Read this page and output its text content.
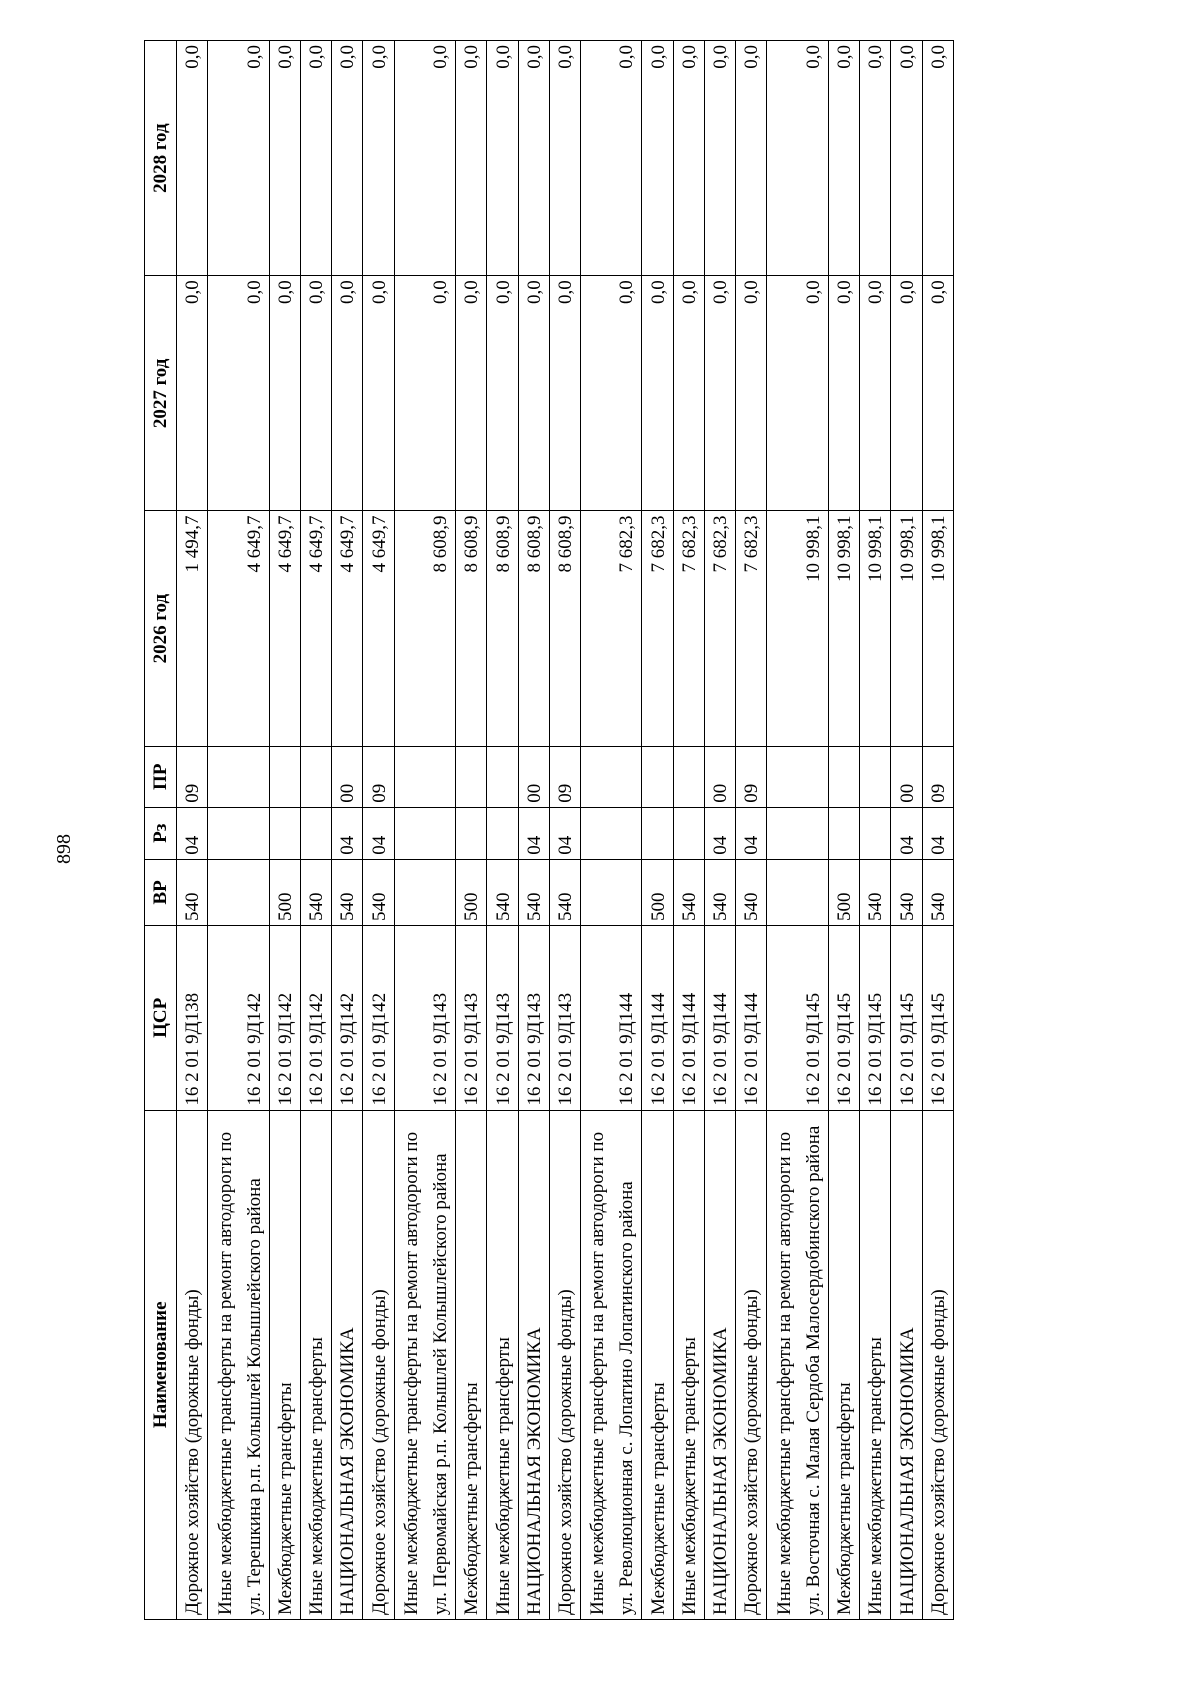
898
Наименование	ЦСР	ВР	Рз	ПР	2026 год	2027 год	2028 год
Дорожное хозяйство (дорожные фонды)	16 2 01 9Д138	540	04	09	1 494,7	0,0	0,0
Иные межбюджетные трансферты на ремонт автодороги по ул. Терешкина р.п. Колышлей Колышлейского района	16 2 01 9Д142				4 649,7	0,0	0,0
Межбюджетные трансферты	16 2 01 9Д142	500			4 649,7	0,0	0,0
Иные межбюджетные трансферты	16 2 01 9Д142	540			4 649,7	0,0	0,0
НАЦИОНАЛЬНАЯ ЭКОНОМИКА	16 2 01 9Д142	540	04	00	4 649,7	0,0	0,0
Дорожное хозяйство (дорожные фонды)	16 2 01 9Д142	540	04	09	4 649,7	0,0	0,0
Иные межбюджетные трансферты на ремонт автодороги по ул. Первомайская р.п. Колышлей Колышлейского района	16 2 01 9Д143				8 608,9	0,0	0,0
Межбюджетные трансферты	16 2 01 9Д143	500			8 608,9	0,0	0,0
Иные межбюджетные трансферты	16 2 01 9Д143	540			8 608,9	0,0	0,0
НАЦИОНАЛЬНАЯ ЭКОНОМИКА	16 2 01 9Д143	540	04	00	8 608,9	0,0	0,0
Дорожное хозяйство (дорожные фонды)	16 2 01 9Д143	540	04	09	8 608,9	0,0	0,0
Иные межбюджетные трансферты на ремонт автодороги по ул. Революционная с. Лопатино Лопатинского района	16 2 01 9Д144				7 682,3	0,0	0,0
Межбюджетные трансферты	16 2 01 9Д144	500			7 682,3	0,0	0,0
Иные межбюджетные трансферты	16 2 01 9Д144	540			7 682,3	0,0	0,0
НАЦИОНАЛЬНАЯ ЭКОНОМИКА	16 2 01 9Д144	540	04	00	7 682,3	0,0	0,0
Дорожное хозяйство (дорожные фонды)	16 2 01 9Д144	540	04	09	7 682,3	0,0	0,0
Иные межбюджетные трансферты на ремонт автодороги по ул. Восточная с. Малая Сердоба Малосердобинского района	16 2 01 9Д145				10 998,1	0,0	0,0
Межбюджетные трансферты	16 2 01 9Д145	500			10 998,1	0,0	0,0
Иные межбюджетные трансферты	16 2 01 9Д145	540			10 998,1	0,0	0,0
НАЦИОНАЛЬНАЯ ЭКОНОМИКА	16 2 01 9Д145	540	04	00	10 998,1	0,0	0,0
Дорожное хозяйство (дорожные фонды)	16 2 01 9Д145	540	04	09	10 998,1	0,0	0,0
